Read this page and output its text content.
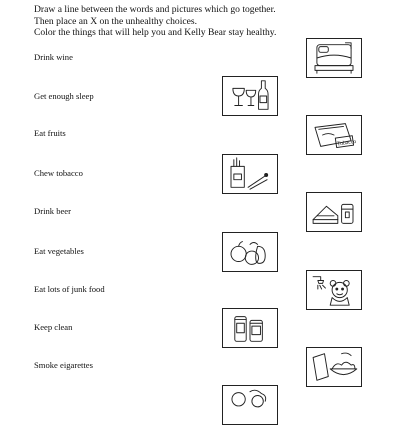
Draw a line between the words and pictures which go together.
Then place an X on the unhealthy choices.
Color the things that will help you and Kelly Bear stay healthy.
Drink wine
Get enough sleep
Eat fruits
Chew tobacco
Drink beer
Eat vegetables
Eat lots of junk food
Keep clean
Smoke eigarettes
Tobacco
